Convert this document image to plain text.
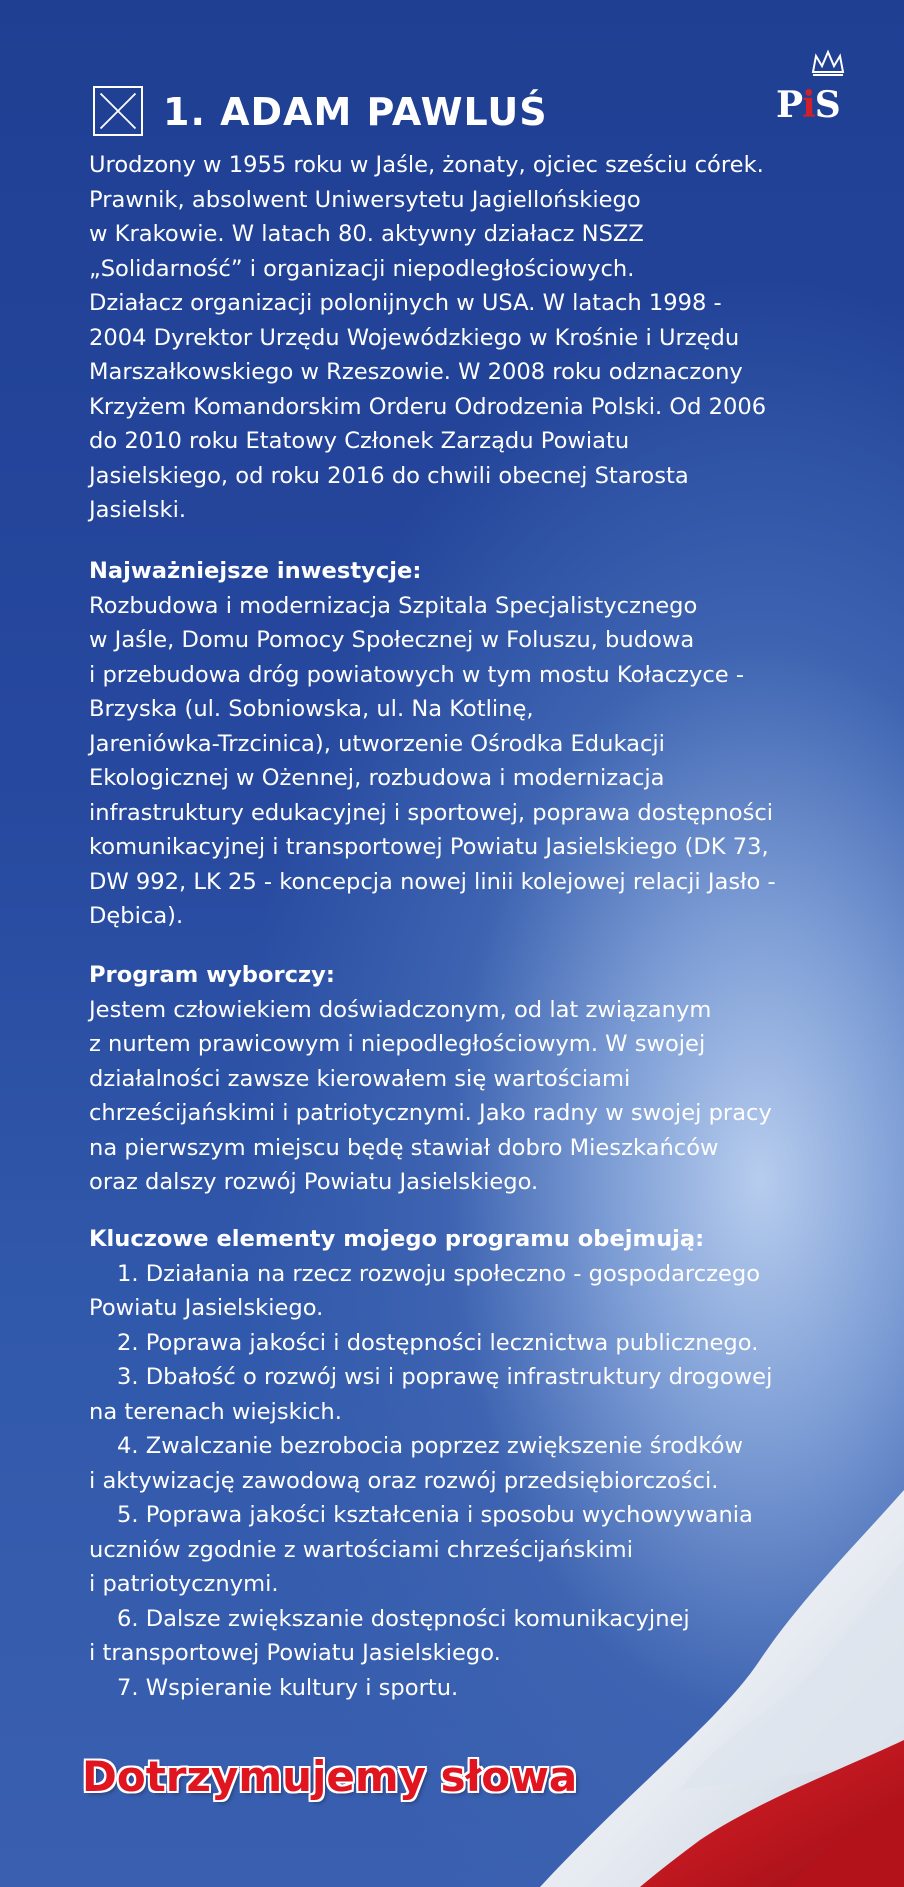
1. ADAM PAWLUŚ	PiS

Urodzony w 1955 roku w Jaśle, żonaty, ojciec sześciu córek.

Prawnik, absolwent Uniwersytetu Jagiellońskiego

w Krakowie. W latach 80. aktywny działacz NSZZ

„Solidarność” i organizacji niepodległościowych.

Działacz organizacji polonijnych w USA. W latach 1998 -

2004 Dyrektor Urzędu Wojewódzkiego w Krośnie i Urzędu

Marszałkowskiego w Rzeszowie. W 2008 roku odznaczony

Krzyżem Komandorskim Orderu Odrodzenia Polski. Od 2006

do 2010 roku Etatowy Członek Zarządu Powiatu

Jasielskiego, od roku 2016 do chwili obecnej Starosta

Jasielski.

Najważniejsze inwestycje:

Rozbudowa i modernizacja Szpitala Specjalistycznego

w Jaśle, Domu Pomocy Społecznej w Foluszu, budowa

i przebudowa dróg powiatowych w tym mostu Kołaczyce -

Brzyska (ul. Sobniowska, ul. Na Kotlinę,

Jareniówka-Trzcinica), utworzenie Ośrodka Edukacji

Ekologicznej w Ożennej, rozbudowa i modernizacja

infrastruktury edukacyjnej i sportowej, poprawa dostępności

komunikacyjnej i transportowej Powiatu Jasielskiego (DK 73,

DW 992, LK 25 - koncepcja nowej linii kolejowej relacji Jasło -

Dębica).

Program wyborczy:

Jestem człowiekiem doświadczonym, od lat związanym

z nurtem prawicowym i niepodległościowym. W swojej

działalności zawsze kierowałem się wartościami

chrześcijańskimi i patriotycznymi. Jako radny w swojej pracy

na pierwszym miejscu będę stawiał dobro Mieszkańców

oraz dalszy rozwój Powiatu Jasielskiego.

Kluczowe elementy mojego programu obejmują:

1. Działania na rzecz rozwoju społeczno - gospodarczego

Powiatu Jasielskiego.

2. Poprawa jakości i dostępności lecznictwa publicznego.

3. Dbałość o rozwój wsi i poprawę infrastruktury drogowej

na terenach wiejskich.

4. Zwalczanie bezrobocia poprzez zwiększenie środków

i aktywizację zawodową oraz rozwój przedsiębiorczości.

5. Poprawa jakości kształcenia i sposobu wychowywania

uczniów zgodnie z wartościami chrześcijańskimi

i patriotycznymi.

6. Dalsze zwiększanie dostępności komunikacyjnej

i transportowej Powiatu Jasielskiego.

7. Wspieranie kultury i sportu.

Dotrzymujemy słowa
